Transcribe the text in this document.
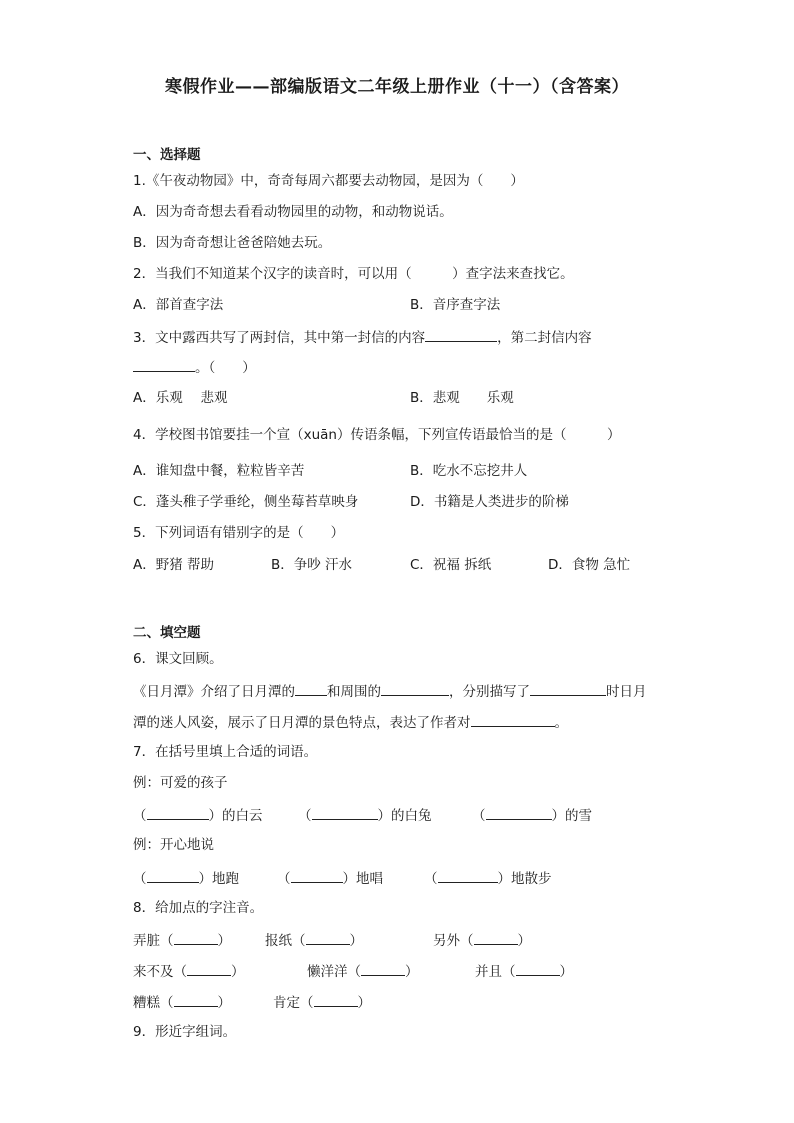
寒假作业——部编版语文二年级上册作业（十一）（含答案）
一、选择题
1.《午夜动物园》中，奇奇每周六都要去动物园，是因为（　　）
A．因为奇奇想去看看动物园里的动物，和动物说话。
B．因为奇奇想让爸爸陪她去玩。
2．当我们不知道某个汉字的读音时，可以用（　　　）查字法来查找它。
A．部首查字法	B．音序查字法
3．文中露西共写了两封信，其中第一封信的内容	，第二封信内容
。（　　）
A．乐观　 悲观	B．悲观　　乐观
4．学校图书馆要挂一个宣（xuān）传语条幅，下列宣传语最恰当的是（　　　）
A．谁知盘中餐，粒粒皆辛苦	B．吃水不忘挖井人
C．蓬头稚子学垂纶，侧坐莓苔草映身	D．书籍是人类进步的阶梯
5．下列词语有错别字的是（　　）
A．野猪 帮助	B．争吵 汗水	C．祝福 拆纸	D．食物 急忙
二、填空题
6．课文回顾。
《日月潭》介绍了日月潭的 和周围的	，分别描写了	时日月
潭的迷人风姿，展示了日月潭的景色特点，表达了作者对	。
7．在括号里填上合适的词语。
例：可爱的孩子
（	）的白云	（	）的白兔	（	）的雪
例：开心地说
（	）地跑	（	）地唱	（	）地散步
8．给加点的字注音。
弄脏（	）	报纸（	）	另外（	）
来不及（	）	懒洋洋（	）	并且（	）
糟糕（	）	肯定（	）
9．形近字组词。
